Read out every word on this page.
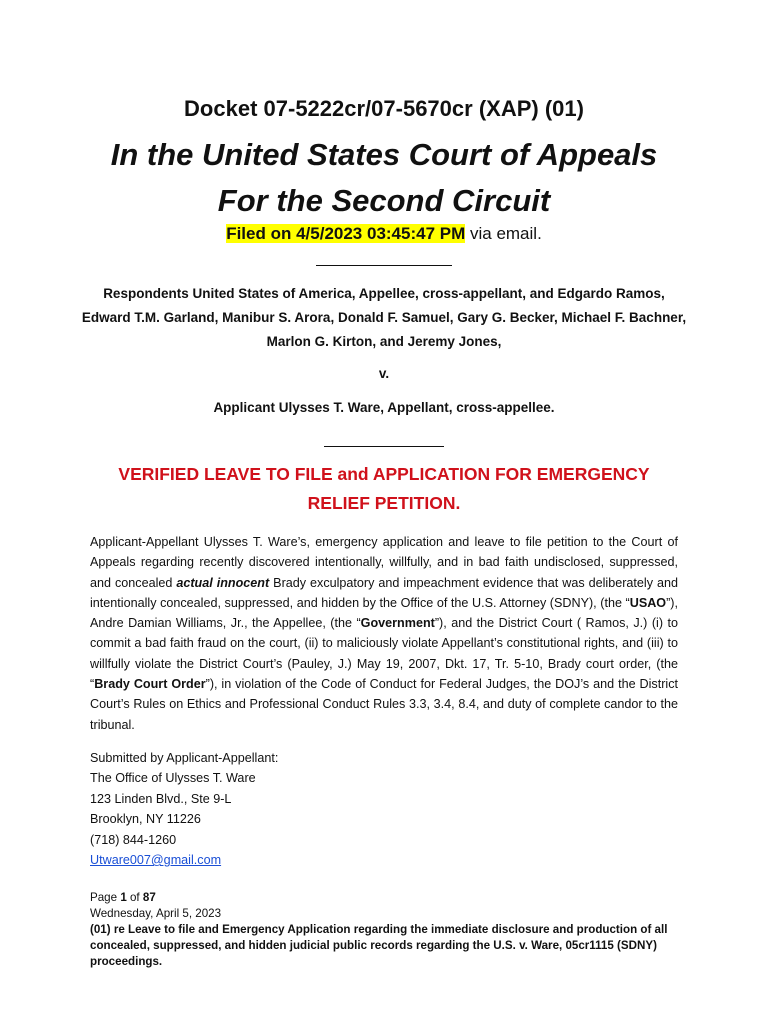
Docket 07-5222cr/07-5670cr (XAP) (01)
In the United States Court of Appeals
For the Second Circuit
Filed on 4/5/2023 03:45:47 PM via email.
Respondents United States of America, Appellee, cross-appellant, and Edgardo Ramos, Edward T.M. Garland, Manibur S. Arora, Donald F. Samuel, Gary G. Becker, Michael F. Bachner, Marlon G. Kirton, and Jeremy Jones,
v.
Applicant Ulysses T. Ware, Appellant, cross-appellee.
VERIFIED LEAVE TO FILE and APPLICATION FOR EMERGENCY RELIEF PETITION.
Applicant-Appellant Ulysses T. Ware’s, emergency application and leave to file petition to the Court of Appeals regarding recently discovered intentionally, willfully, and in bad faith undisclosed, suppressed, and concealed actual innocent Brady exculpatory and impeachment evidence that was deliberately and intentionally concealed, suppressed, and hidden by the Office of the U.S. Attorney (SDNY), (the “USAO”), Andre Damian Williams, Jr., the Appellee, (the “Government”), and the District Court ( Ramos, J.) (i) to commit a bad faith fraud on the court, (ii) to maliciously violate Appellant’s constitutional rights, and (iii) to willfully violate the District Court’s (Pauley, J.) May 19, 2007, Dkt. 17, Tr. 5-10, Brady court order, (the “Brady Court Order”), in violation of the Code of Conduct for Federal Judges, the DOJ’s and the District Court’s Rules on Ethics and Professional Conduct Rules 3.3, 3.4, 8.4, and duty of complete candor to the tribunal.
Submitted by Applicant-Appellant:
The Office of Ulysses T. Ware
123 Linden Blvd., Ste 9-L
Brooklyn, NY 11226
(718) 844-1260
Utware007@gmail.com
Page 1 of 87
Wednesday, April 5, 2023
(01) re Leave to file and Emergency Application regarding the immediate disclosure and production of all concealed, suppressed, and hidden judicial public records regarding the U.S. v. Ware, 05cr1115 (SDNY) proceedings.
